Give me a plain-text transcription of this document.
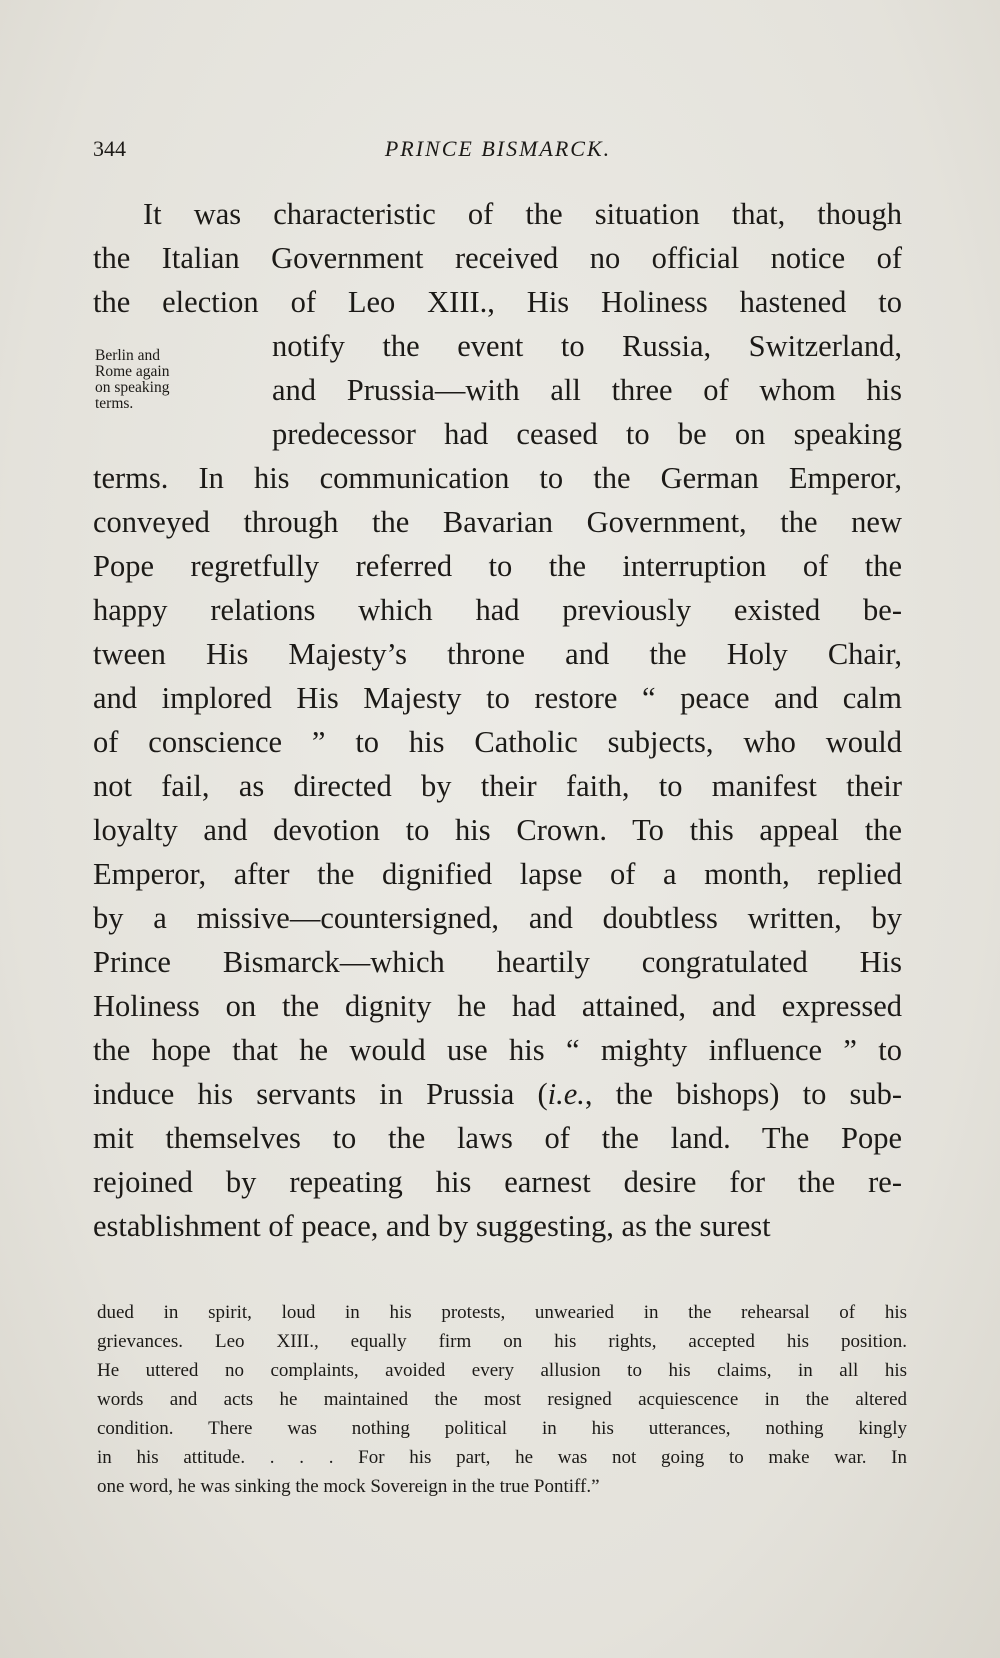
344	PRINCE BISMARCK.
Berlin and
Rome again
on speaking
terms.
It was characteristic of the situation that, though
the Italian Government received no official notice of
the election of Leo XIII., His Holiness hastened to
notify the event to Russia, Switzerland,
and Prussia—with all three of whom his
predecessor had ceased to be on speaking
terms. In his communication to the German Emperor,
conveyed through the Bavarian Government, the new
Pope regretfully referred to the interruption of the
happy relations which had previously existed be-
tween His Majesty’s throne and the Holy Chair,
and implored His Majesty to restore “ peace and calm
of conscience ” to his Catholic subjects, who would
not fail, as directed by their faith, to manifest their
loyalty and devotion to his Crown. To this appeal the
Emperor, after the dignified lapse of a month, replied
by a missive—countersigned, and doubtless written, by
Prince Bismarck—which heartily congratulated His
Holiness on the dignity he had attained, and expressed
the hope that he would use his “ mighty influence ” to
induce his servants in Prussia (i.e., the bishops) to sub-
mit themselves to the laws of the land. The Pope
rejoined by repeating his earnest desire for the re-
establishment of peace, and by suggesting, as the surest
dued in spirit, loud in his protests, unwearied in the rehearsal of his
grievances. Leo XIII., equally firm on his rights, accepted his position.
He uttered no complaints, avoided every allusion to his claims, in all his
words and acts he maintained the most resigned acquiescence in the altered
condition. There was nothing political in his utterances, nothing kingly
in his attitude. . . . For his part, he was not going to make war. In
one word, he was sinking the mock Sovereign in the true Pontiff.”
